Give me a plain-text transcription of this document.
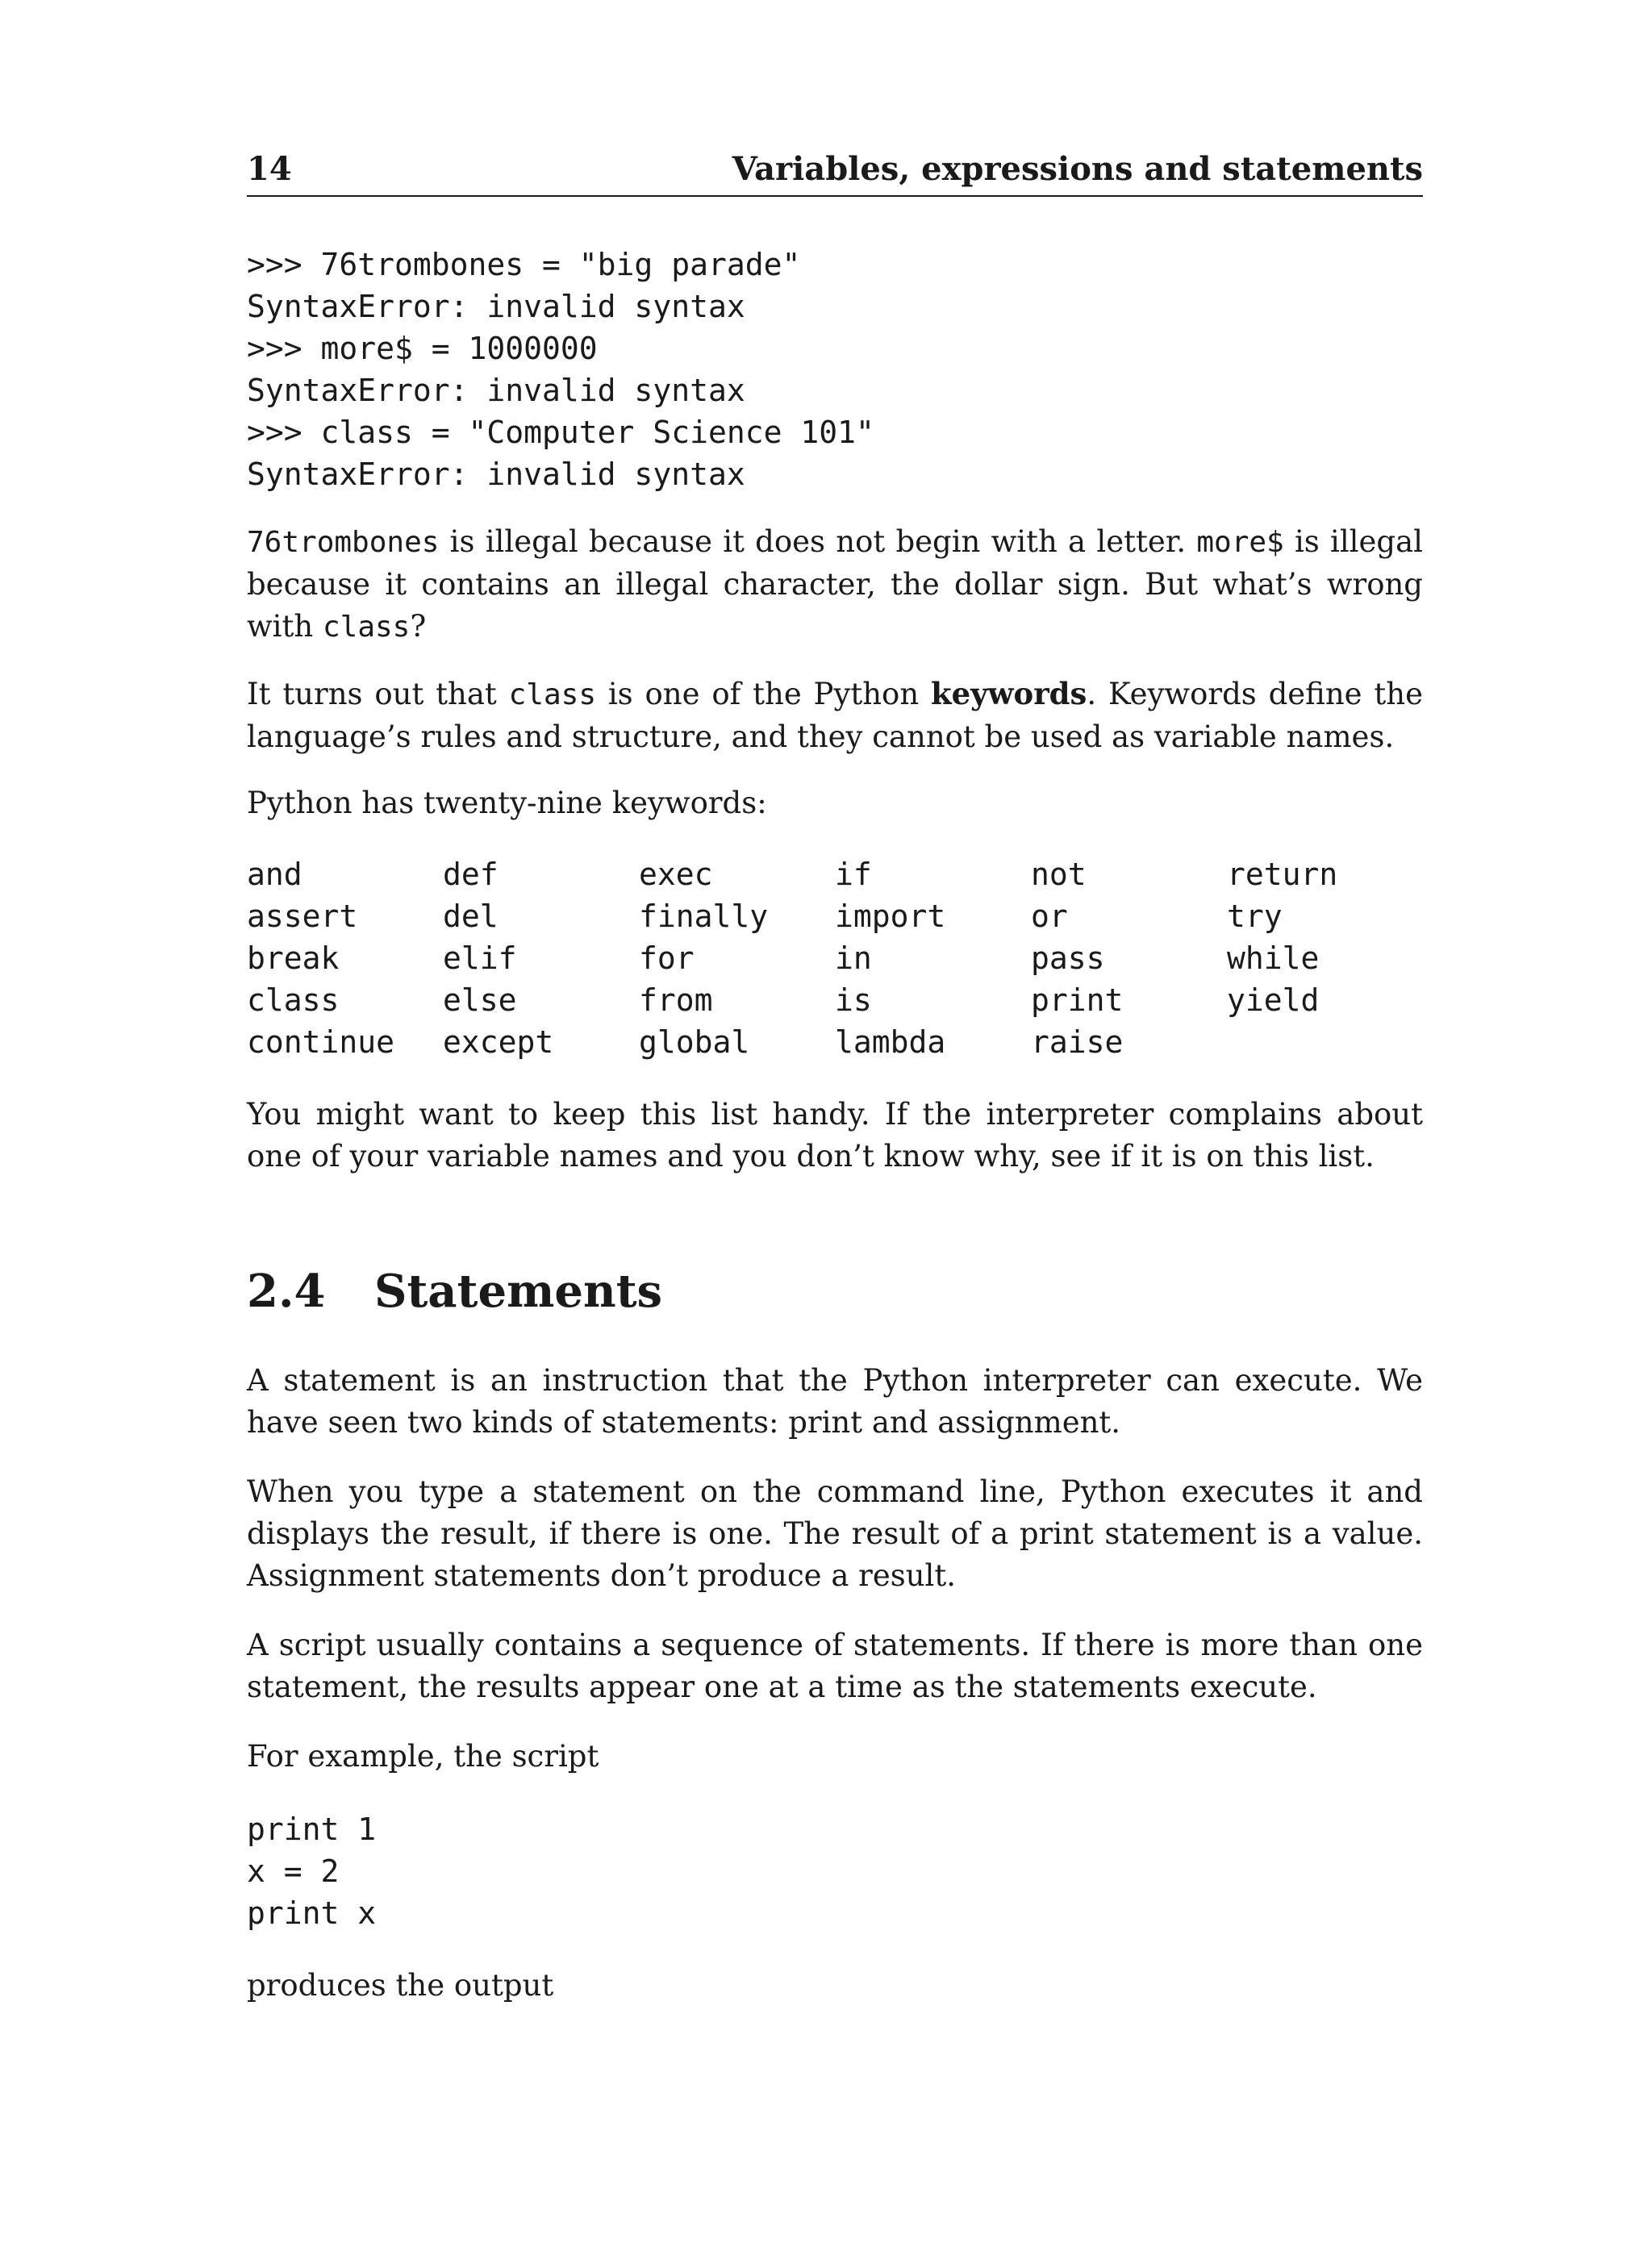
14	Variables, expressions and statements
>>> 76trombones = "big parade"
SyntaxError: invalid syntax
>>> more$ = 1000000
SyntaxError: invalid syntax
>>> class = "Computer Science 101"
SyntaxError: invalid syntax

76trombones is illegal because it does not begin with a letter. more$ is illegal because it contains an illegal character, the dollar sign. But what’s wrong with class?

It turns out that class is one of the Python keywords. Keywords define the language’s rules and structure, and they cannot be used as variable names.

Python has twenty-nine keywords:

and	def	exec	if	not	return
assert	del	finally	import	or	try
break	elif	for	in	pass	while
class	else	from	is	print	yield
continue	except	global	lambda	raise	

You might want to keep this list handy. If the interpreter complains about one of your variable names and you don’t know why, see if it is on this list.

2.4 Statements

A statement is an instruction that the Python interpreter can execute. We have seen two kinds of statements: print and assignment.

When you type a statement on the command line, Python executes it and displays the result, if there is one. The result of a print statement is a value. Assignment statements don’t produce a result.

A script usually contains a sequence of statements. If there is more than one statement, the results appear one at a time as the statements execute.

For example, the script

print 1
x = 2
print x

produces the output
